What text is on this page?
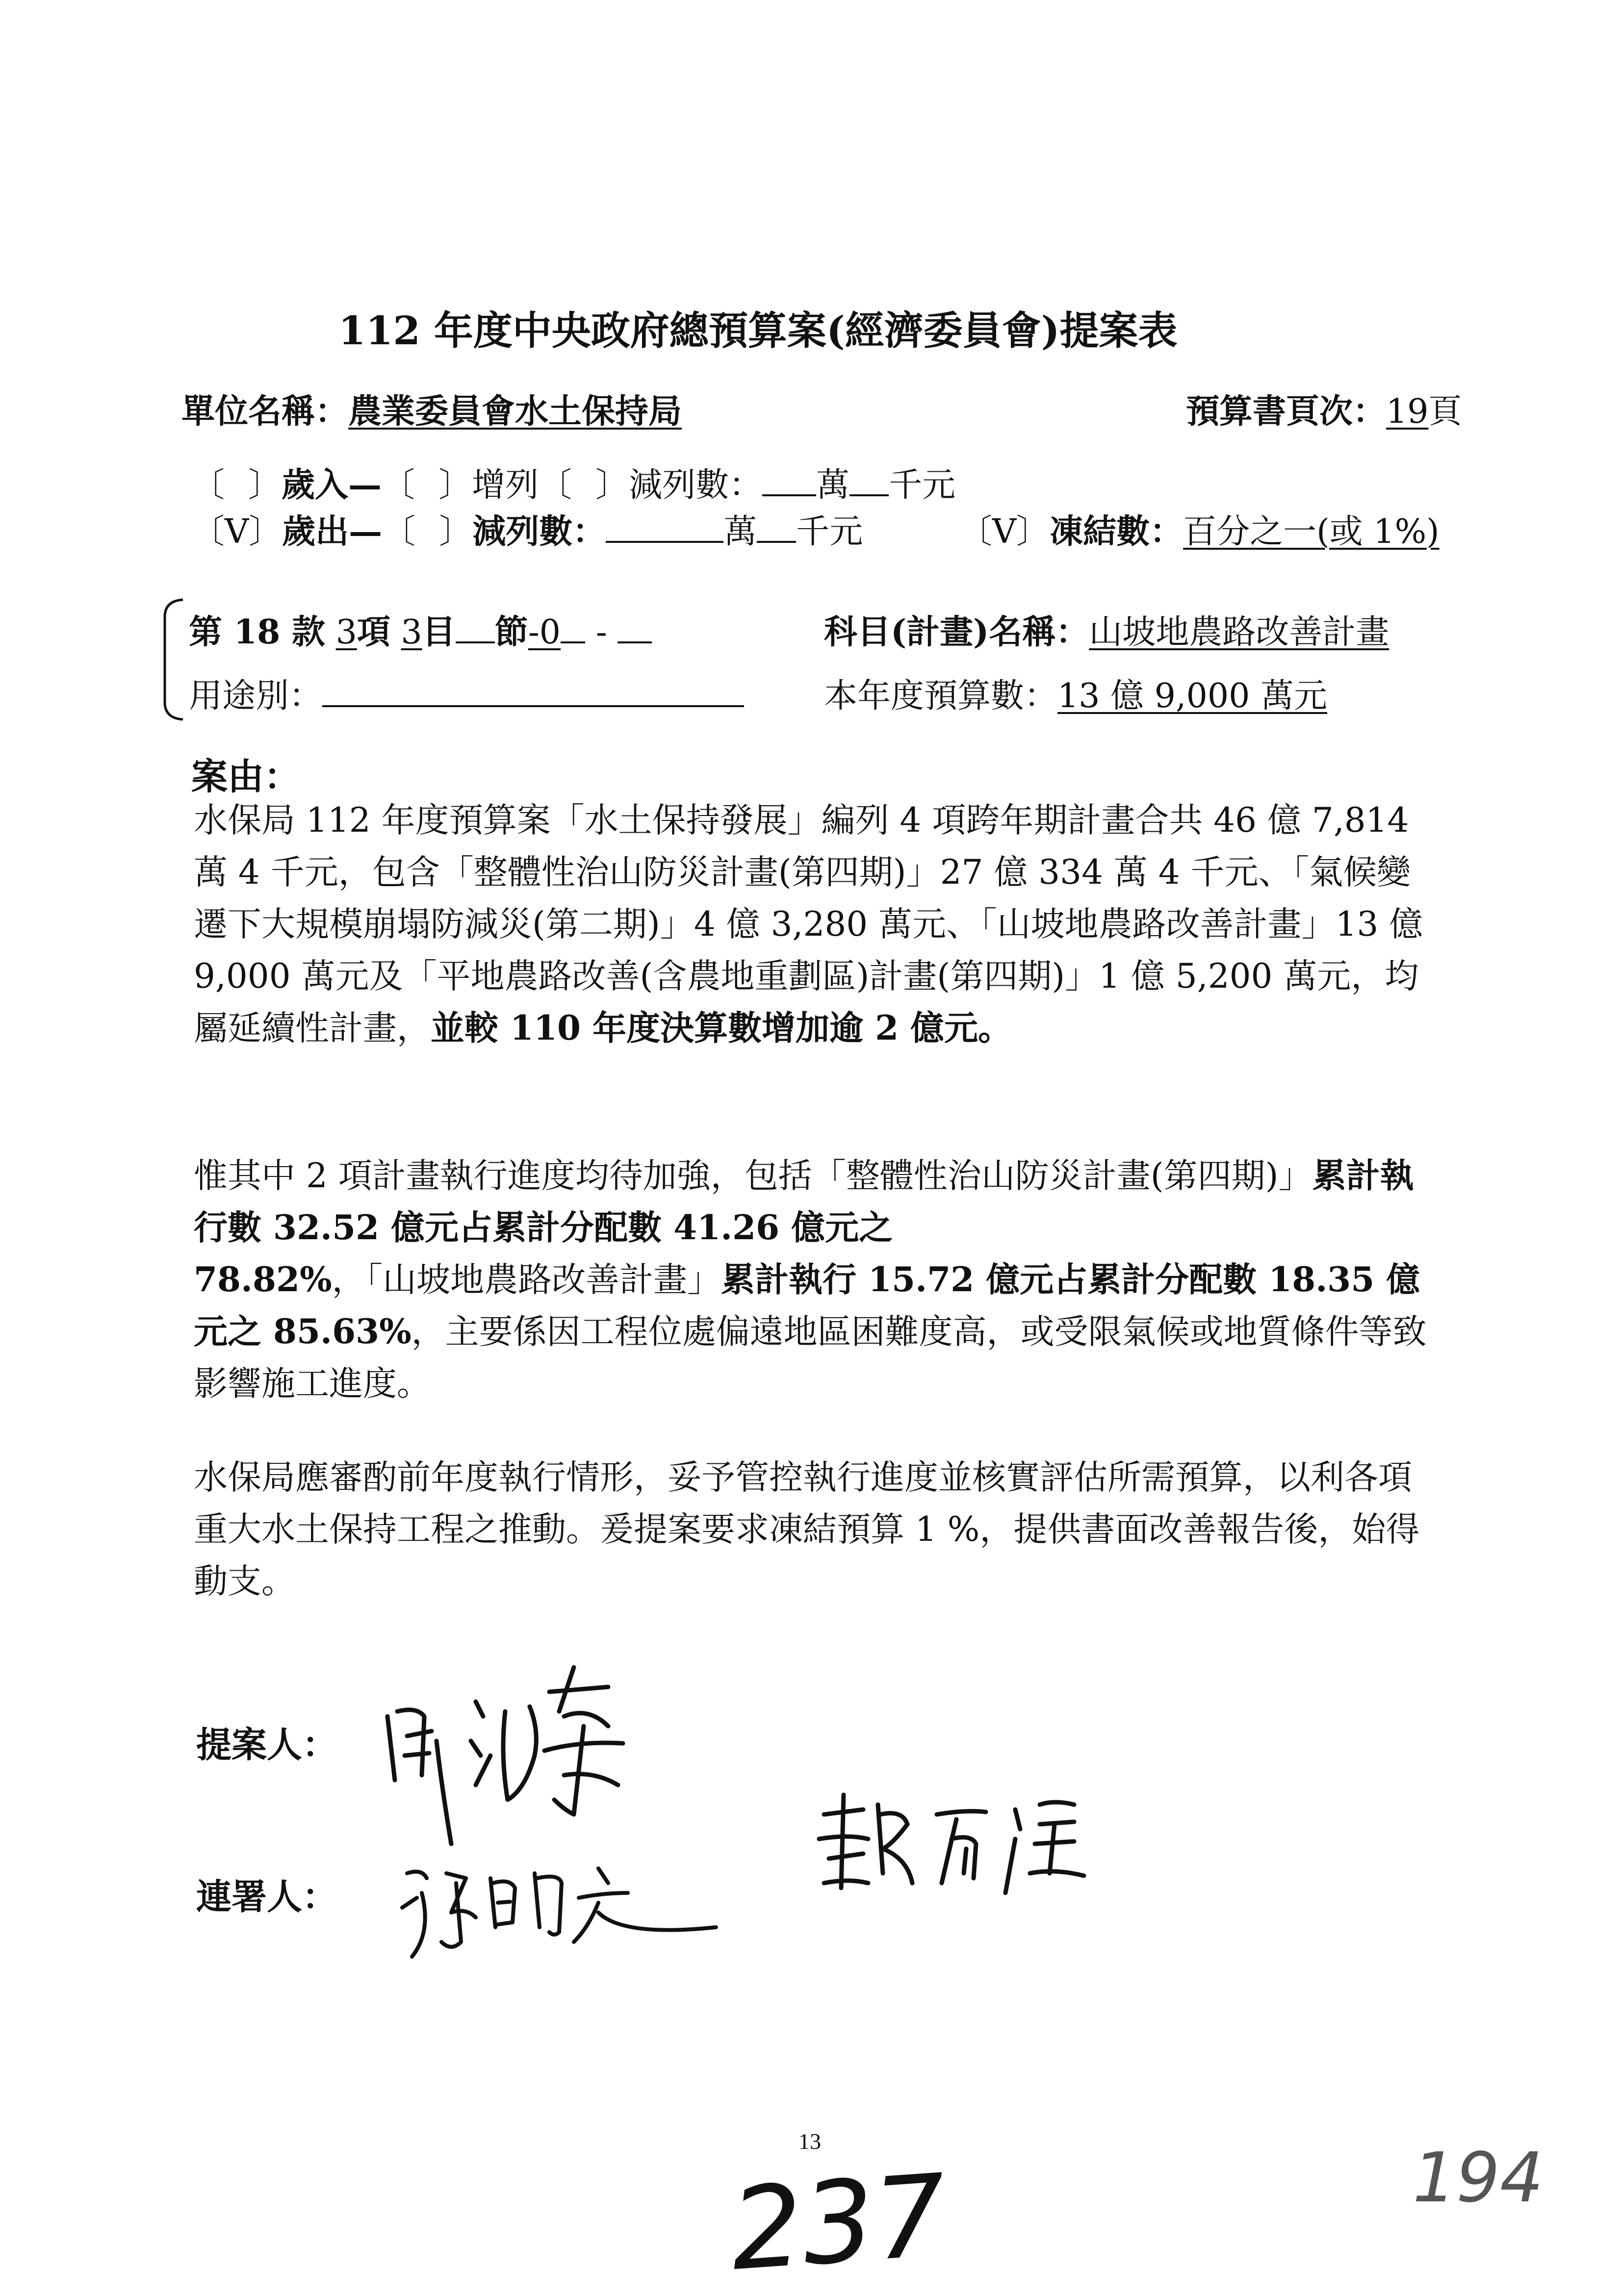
112 年度中央政府總預算案(經濟委員會)提案表
單位名稱：農業委員會水土保持局	預算書頁次：19頁
〔 〕歲入—〔 〕增列〔 〕減列數： 萬 千元
〔V〕歲出—〔 〕減列數：	萬 千元	〔V〕凍結數：百分之一(或 1%)
第 18 款 3項 3目 節-0 -	科目(計畫)名稱：山坡地農路改善計畫
用途別：	本年度預算數：13 億 9,000 萬元
案由：

水保局 112 年度預算案「水土保持發展」編列 4 項跨年期計畫合共 46 億 7,814 萬 4 千元，包含「整體性治山防災計畫(第四期)」27 億 334 萬 4 千元、「氣候變遷下大規模崩塌防減災(第二期)」4 億 3,280 萬元、「山坡地農路改善計畫」13 億 9,000 萬元及「平地農路改善(含農地重劃區)計畫(第四期)」1 億 5,200 萬元，均屬延續性計畫，並較 110 年度決算數增加逾 2 億元。

惟其中 2 項計畫執行進度均待加強，包括「整體性治山防災計畫(第四期)」累計執行數 32.52 億元占累計分配數 41.26 億元之 78.82%，「山坡地農路改善計畫」累計執行 15.72 億元占累計分配數 18.35 億元之 85.63%，主要係因工程位處偏遠地區困難度高，或受限氣候或地質條件等致影響施工進度。

水保局應審酌前年度執行情形，妥予管控執行進度並核實評估所需預算，以利各項重大水土保持工程之推動。爰提案要求凍結預算 1 %，提供書面改善報告後，始得動支。

提案人：
連署人：
13
237	194
